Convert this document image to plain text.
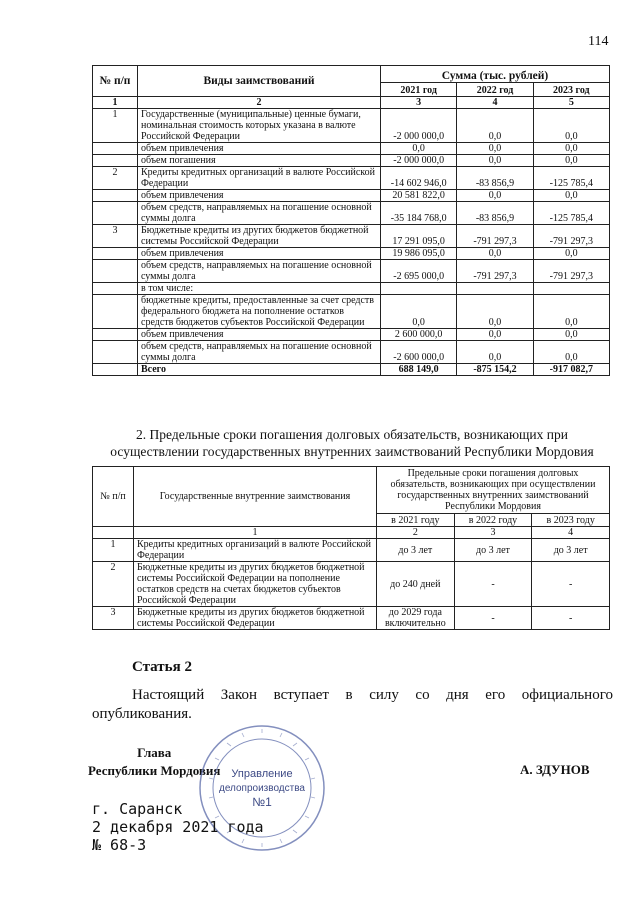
114
№ п/п	Виды заимствований	Сумма (тыс. рублей)		
		2021 год	2022 год	2023 год
1	2	3	4	5
1	Государственные (муниципальные) ценные бумаги, номинальная стоимость которых указана в валюте Российской Федерации	-2 000 000,0	0,0	0,0
	объем привлечения	0,0	0,0	0,0
	объем погашения	-2 000 000,0	0,0	0,0
2	Кредиты кредитных организаций в валюте Российской Федерации	-14 602 946,0	-83 856,9	-125 785,4
	объем привлечения	20 581 822,0	0,0	0,0
	объем средств, направляемых на погашение основной суммы долга	-35 184 768,0	-83 856,9	-125 785,4
3	Бюджетные кредиты из других бюджетов бюджетной системы Российской Федерации	17 291 095,0	-791 297,3	-791 297,3
	объем привлечения	19 986 095,0	0,0	0,0
	объем средств, направляемых на погашение основной суммы долга	-2 695 000,0	-791 297,3	-791 297,3
	в том числе:			
	бюджетные кредиты, предоставленные за счет средств федерального бюджета на пополнение остатков средств бюджетов субъектов Российской Федерации	0,0	0,0	0,0
	объем привлечения	2 600 000,0	0,0	0,0
	объем средств, направляемых на погашение основной суммы долга	-2 600 000,0	0,0	0,0
	Всего	688 149,0	-875 154,2	-917 082,7
2. Предельные сроки погашения долговых обязательств, возникающих при осуществлении государственных внутренних заимствований Республики Мордовия
№ п/п	Государственные внутренние заимствования	Предельные сроки погашения долговых обязательств, возникающих при осуществлении государственных внутренних заимствований Республики Мордовия		
		в 2021 году	в 2022 году	в 2023 году
	1	2	3	4
1	Кредиты кредитных организаций в валюте Российской Федерации	до 3 лет	до 3 лет	до 3 лет
2	Бюджетные кредиты из других бюджетов бюджетной системы Российской Федерации на пополнение остатков средств на счетах бюджетов субъектов Российской Федерации	до 240 дней	-	-
3	Бюджетные кредиты из других бюджетов бюджетной системы Российской Федерации	до 2029 года включительно	-	-
Статья 2
Настоящий Закон вступает в силу со дня его официального опубликования.
Глава
Республики Мордовия	А. ЗДУНОВ
Управление
делопроизводства
№1
г. Саранск
2 декабря 2021 года
№ 68-З
